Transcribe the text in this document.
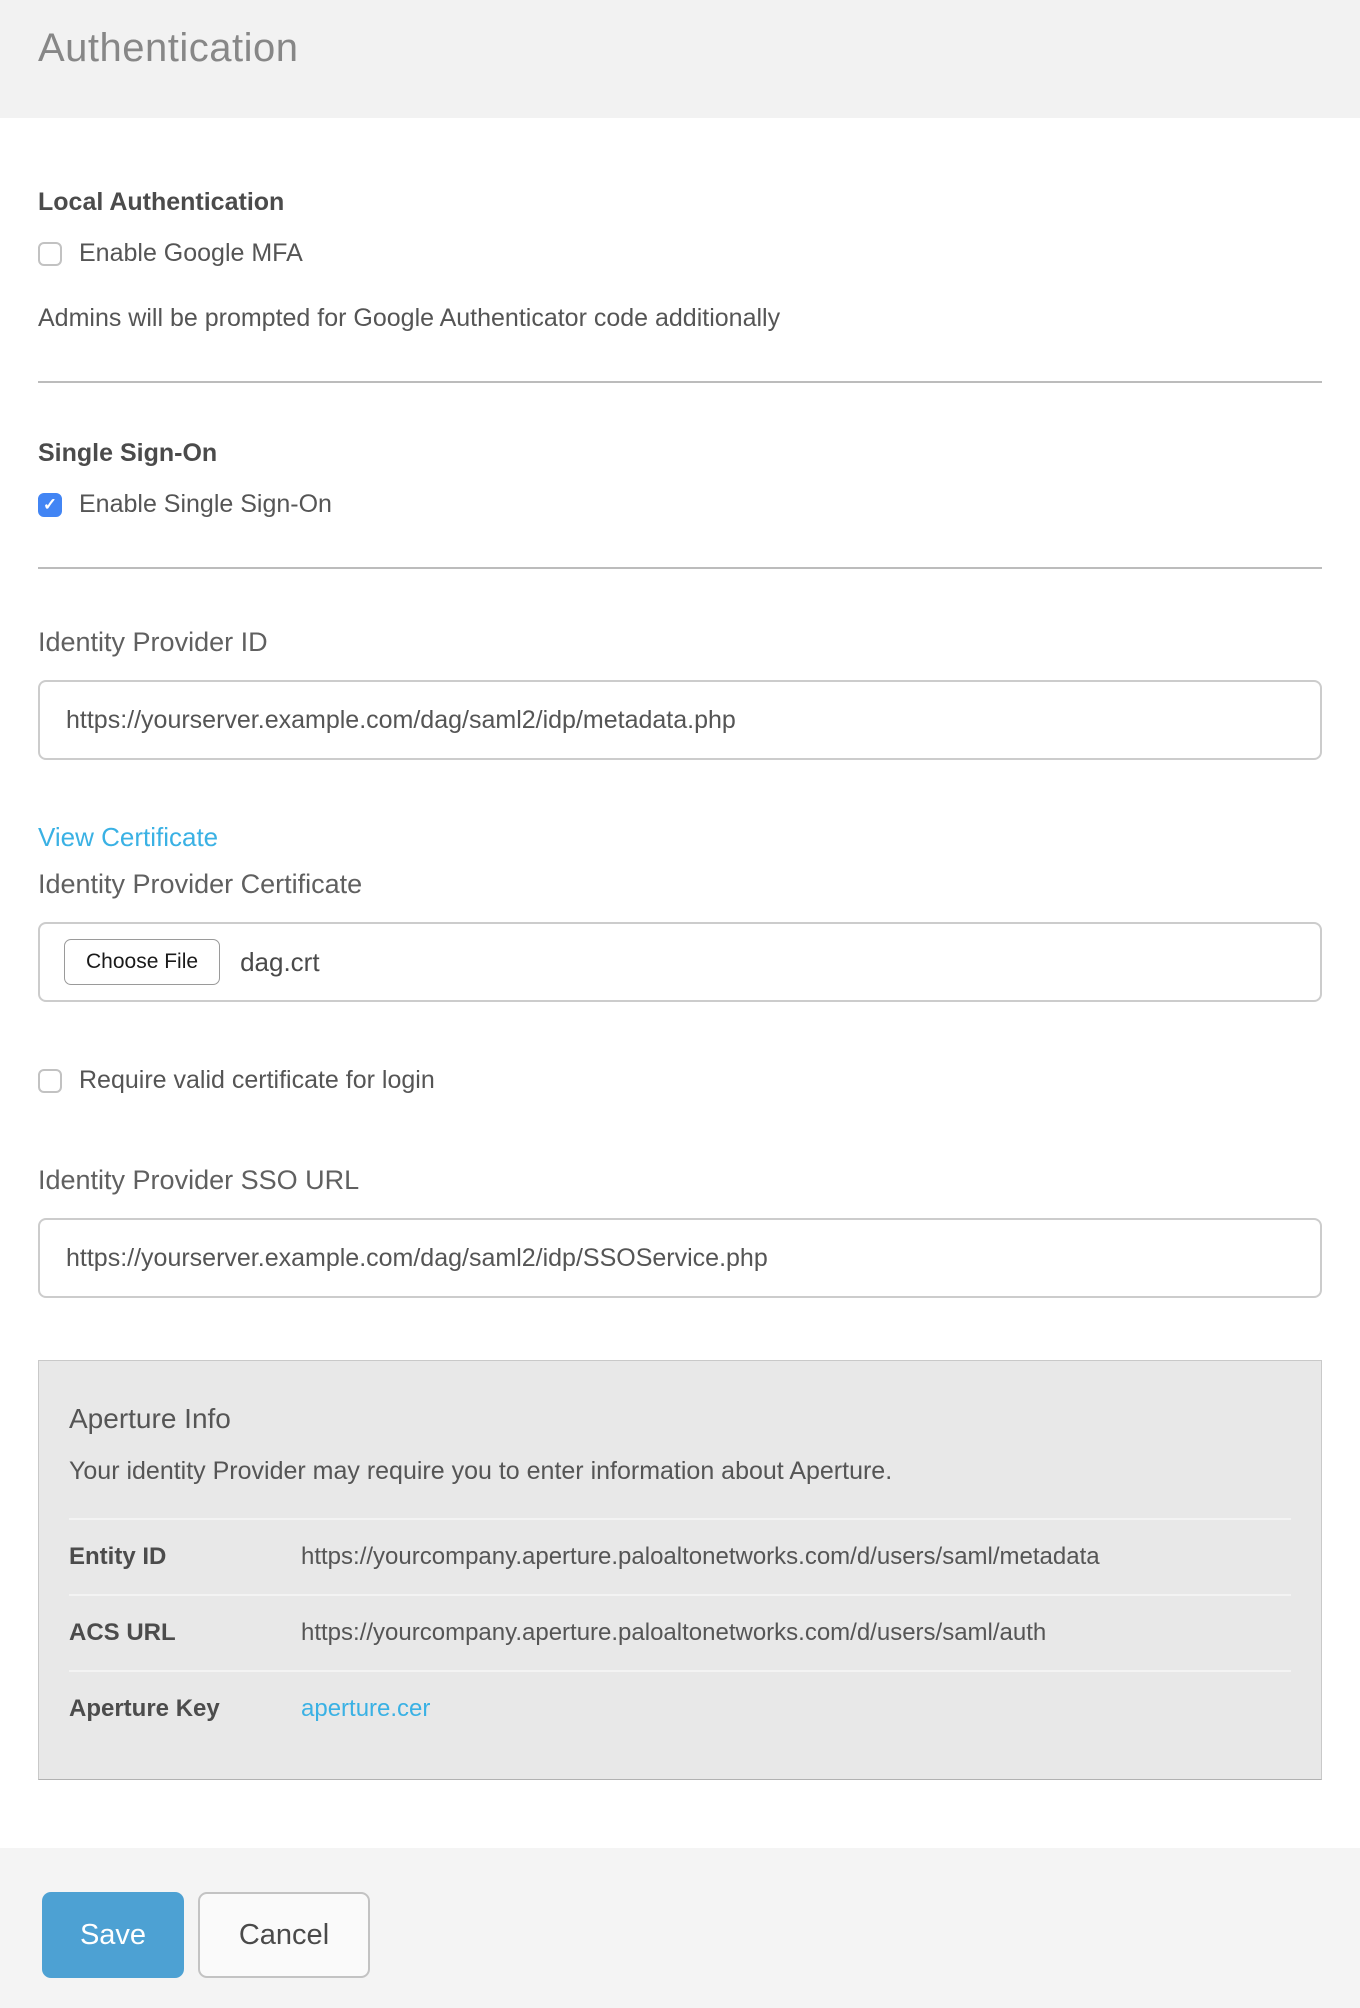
Authentication
Local Authentication
Enable Google MFA

Admins will be prompted for Google Authenticator code additionally

Single Sign-On
✓ Enable Single Sign-On
Identity Provider ID
https://yourserver.example.com/dag/saml2/idp/metadata.php View Certificate
Identity Provider Certificate
Choose File	dag.crt
Require valid certificate for login
Identity Provider SSO URL
https://yourserver.example.com/dag/saml2/idp/SSOService.php
Aperture Info
Your identity Provider may require you to enter information about Aperture.
Entity ID	https://yourcompany.aperture.paloaltonetworks.com/d/users/saml/metadata
ACS URL	https://yourcompany.aperture.paloaltonetworks.com/d/users/saml/auth
Aperture Key	aperture.cer
Save	Cancel
